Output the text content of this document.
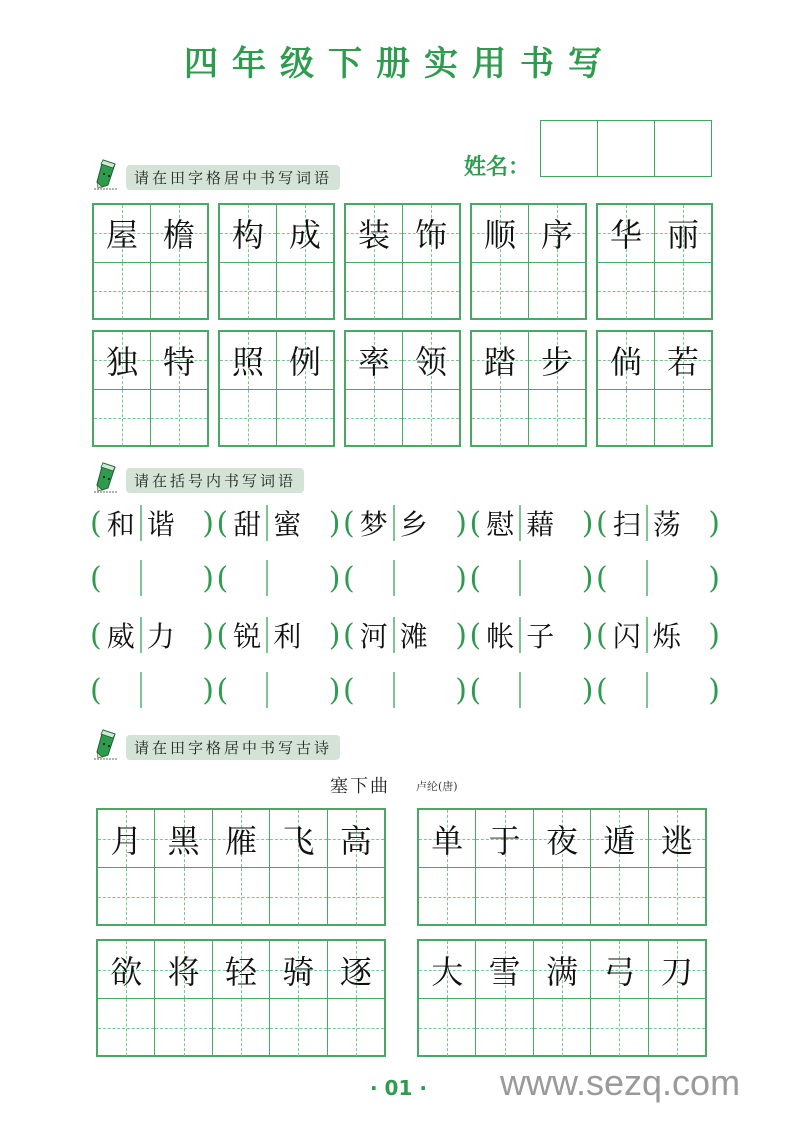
四年级下册实用书写
姓名：
请在田字格居中书写词语
屋 檐	构 成	装 饰	顺 序	华 丽
独 特	照 例	率 领	踏 步	倘 若
请在括号内书写词语
( 和 谐 ) ( 甜 蜜 ) ( 梦 乡 ) ( 慰 藉 ) ( 扫 荡 )
(	) (	) (	) (	) (	)
( 威 力 ) ( 锐 利 ) ( 河 滩 ) ( 帐 子 ) ( 闪 烁 )
(	) (	) (	) (	) (	)
请在田字格居中书写古诗
塞下曲 卢纶(唐)
月 黑 雁 飞 高	单 于 夜 遁 逃
欲 将 轻 骑 逐	大 雪 满 弓 刀
· 01 · www.sezq.com
